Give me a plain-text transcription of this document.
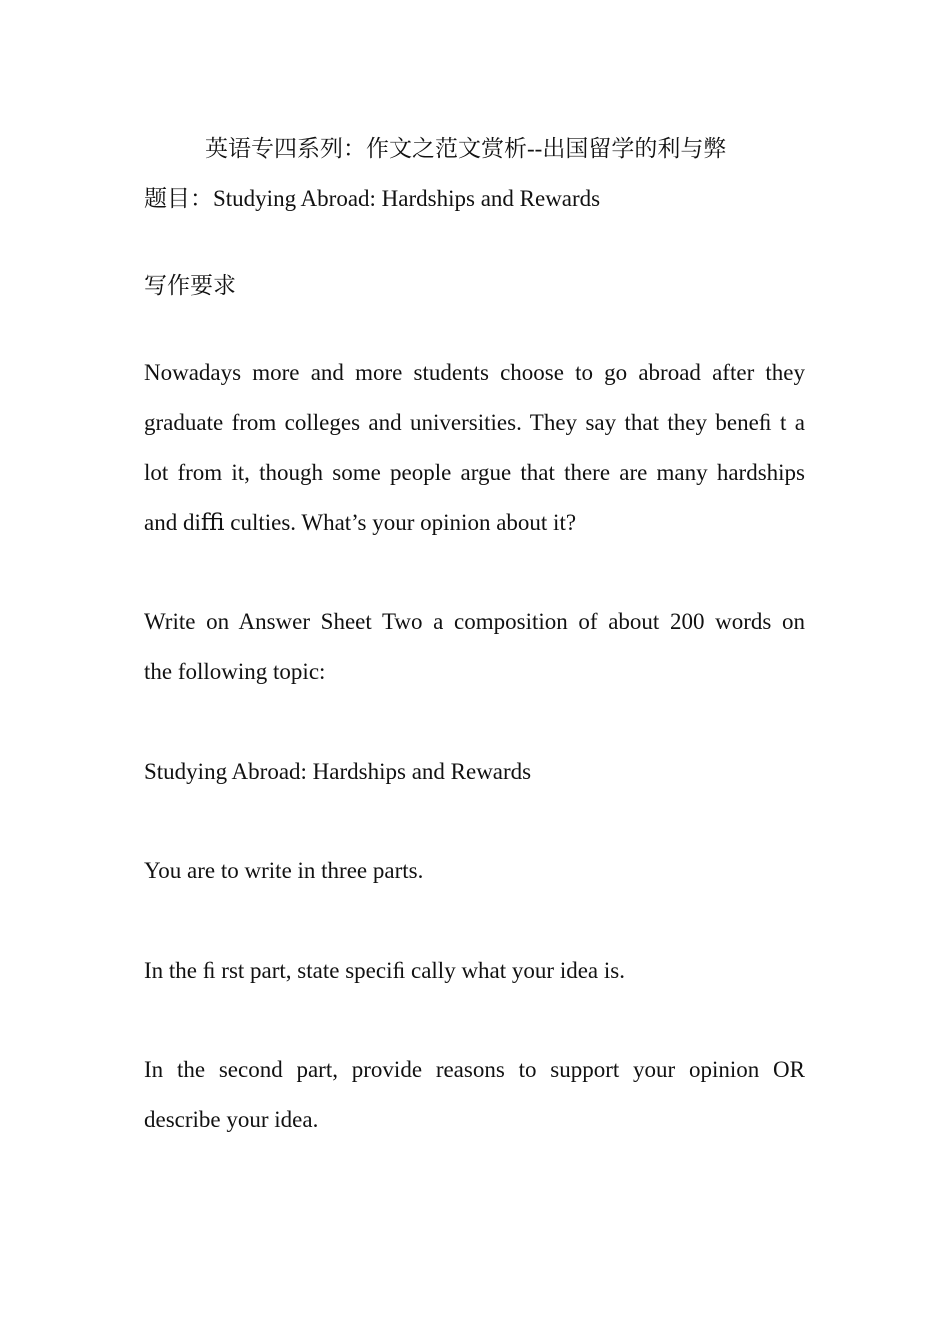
英语专四系列：作文之范文赏析--出国留学的利与弊
题目：Studying Abroad: Hardships and Rewards
写作要求
Nowadays more and more students choose to go abroad after they
graduate from colleges and universities. They say that they beneﬁ t a
lot from it, though some people argue that there are many hardships
and diﬃ culties. What’s your opinion about it?
Write on Answer Sheet Two a composition of about 200 words on
the following topic:
Studying Abroad: Hardships and Rewards
You are to write in three parts.
In the ﬁ rst part, state speciﬁ cally what your idea is.
In the second part, provide reasons to support your opinion OR
describe your idea.
